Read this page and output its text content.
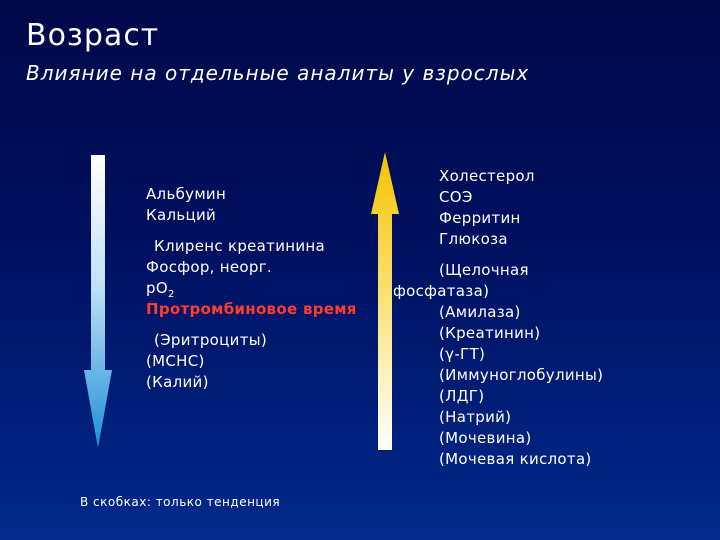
Возраст
Влияние на отдельные аналиты у взрослых
Альбумин
Кальций
Клиренс креатинина
Фосфор, неорг.
$pO_2$
Протромбиновое время
(Эритроциты)
(MCHC)
(Калий)
Холестерол
СОЭ
Ферритин
Глюкоза
(Щелочная
фосфатаза)
(Амилаза)
(Креатинин)
(γ-ГТ)
(Иммуноглобулины)
(ЛДГ)
(Натрий)
(Мочевина)
(Мочевая кислота)
В скобках: только тенденция
